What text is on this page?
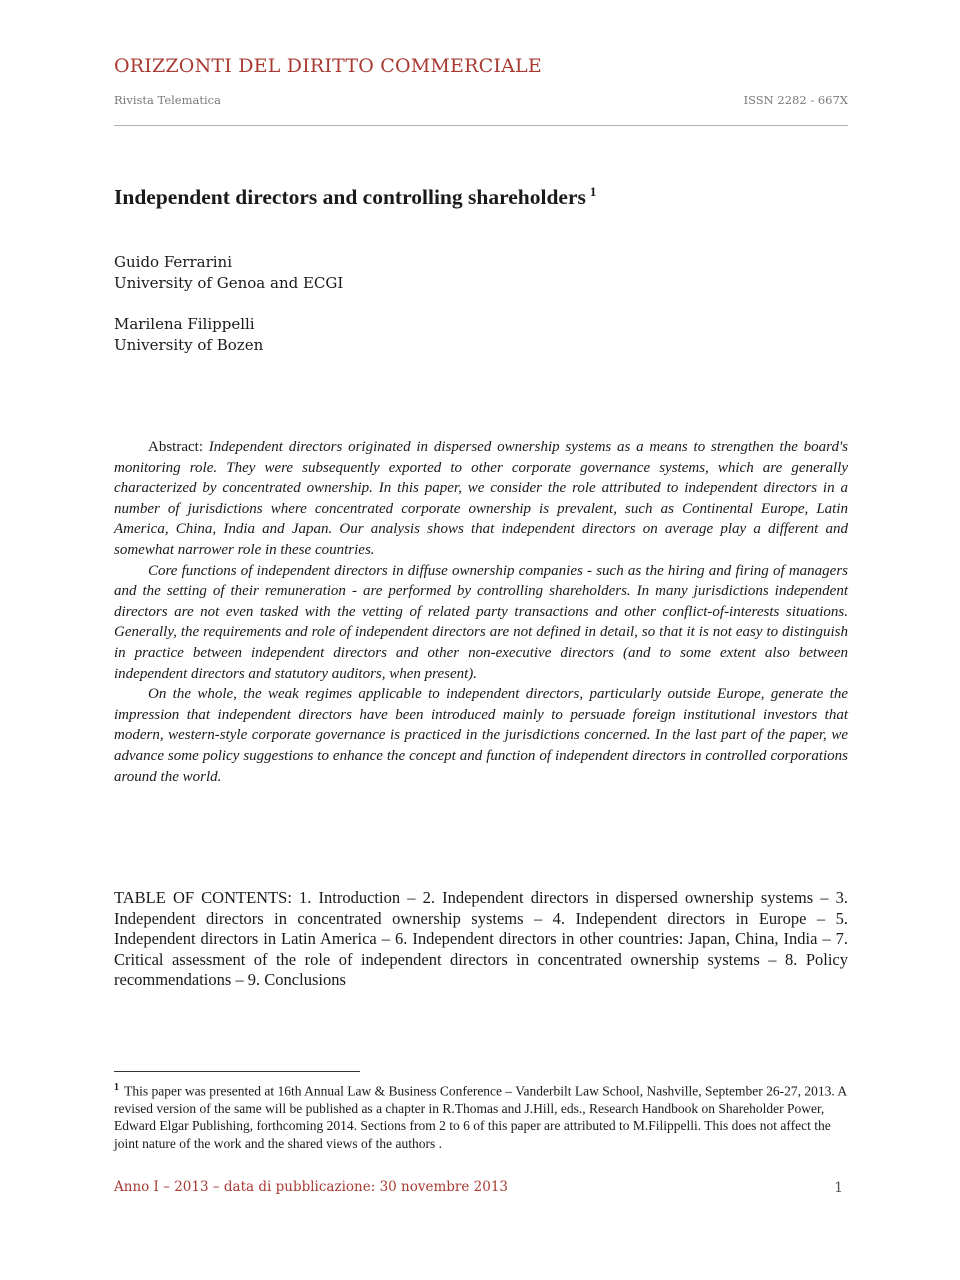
ORIZZONTI DEL DIRITTO COMMERCIALE
Rivista Telematica	ISSN 2282 - 667X
Independent directors and controlling shareholders $^1$
Guido Ferrarini
University of Genoa and ECGI
Marilena Filippelli
University of Bozen

Abstract: Independent directors originated in dispersed ownership systems as a means to strengthen the board's monitoring role. They were subsequently exported to other corporate governance systems, which are generally characterized by concentrated ownership. In this paper, we consider the role attributed to independent directors in a number of jurisdictions where concentrated corporate ownership is prevalent, such as Continental Europe, Latin America, China, India and Japan. Our analysis shows that independent directors on average play a different and somewhat narrower role in these countries.

Core functions of independent directors in diffuse ownership companies - such as the hiring and firing of managers and the setting of their remuneration - are performed by controlling shareholders. In many jurisdictions independent directors are not even tasked with the vetting of related party transactions and other conflict-of-interests situations. Generally, the requirements and role of independent directors are not defined in detail, so that it is not easy to distinguish in practice between independent directors and other non-executive directors (and to some extent also between independent directors and statutory auditors, when present).

On the whole, the weak regimes applicable to independent directors, particularly outside Europe, generate the impression that independent directors have been introduced mainly to persuade foreign institutional investors that modern, western-style corporate governance is practiced in the jurisdictions concerned. In the last part of the paper, we advance some policy suggestions to enhance the concept and function of independent directors in controlled corporations around the world.

TABLE OF CONTENTS: 1. Introduction – 2. Independent directors in dispersed ownership systems – 3. Independent directors in concentrated ownership systems – 4. Independent directors in Europe – 5. Independent directors in Latin America – 6. Independent directors in other countries: Japan, China, India – 7. Critical assessment of the role of independent directors in concentrated ownership systems – 8. Policy recommendations – 9. Conclusions
$^1$ This paper was presented at 16th Annual Law & Business Conference – Vanderbilt Law School, Nashville, September 26-27, 2013. A revised version of the same will be published as a chapter in R.Thomas and J.Hill, eds., Research Handbook on Shareholder Power, Edward Elgar Publishing, forthcoming 2014. Sections from 2 to 6 of this paper are attributed to M.Filippelli. This does not affect the joint nature of the work and the shared views of the authors .
Anno I – 2013 – data di pubblicazione: 30 novembre 2013	1
